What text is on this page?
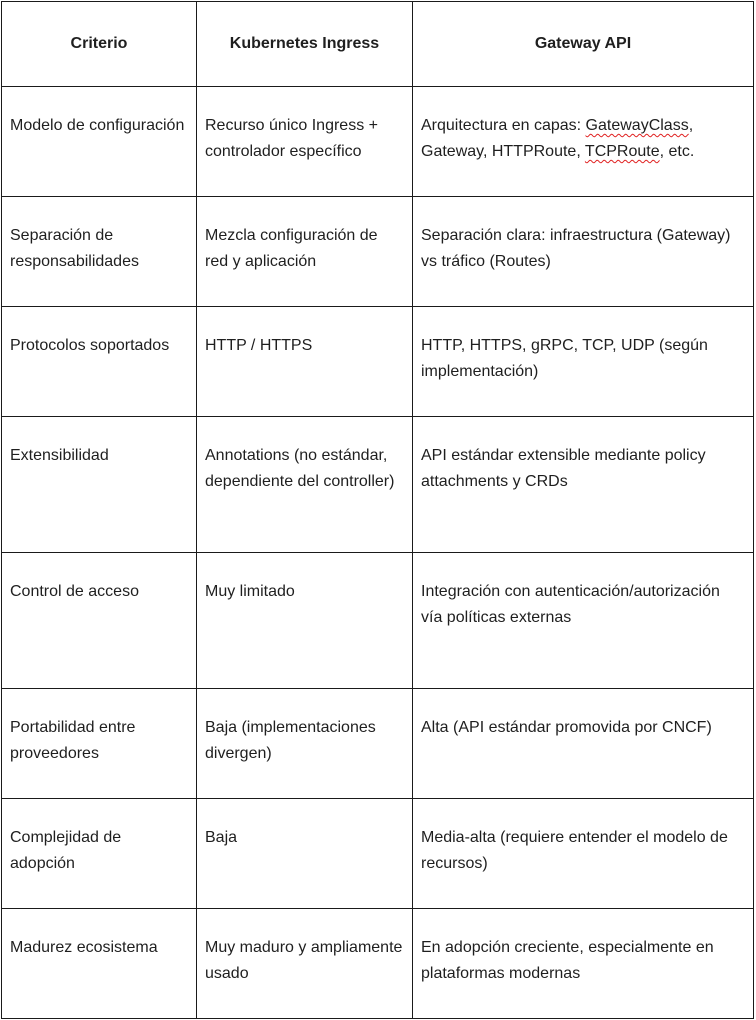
Criterio	Kubernetes Ingress	Gateway API
Modelo de configuración	Recurso único Ingress + controlador específico	Arquitectura en capas: GatewayClass, Gateway, HTTPRoute, TCPRoute, etc.
Separación de responsabilidades	Mezcla configuración de red y aplicación	Separación clara: infraestructura (Gateway) vs tráfico (Routes)
Protocolos soportados	HTTP / HTTPS	HTTP, HTTPS, gRPC, TCP, UDP (según implementación)
Extensibilidad	Annotations (no estándar, dependiente del controller)	API estándar extensible mediante policy attachments y CRDs
Control de acceso	Muy limitado	Integración con autenticación/autorización vía políticas externas
Portabilidad entre proveedores	Baja (implementaciones divergen)	Alta (API estándar promovida por CNCF)
Complejidad de adopción	Baja	Media-alta (requiere entender el modelo de recursos)
Madurez ecosistema	Muy maduro y ampliamente usado	En adopción creciente, especialmente en plataformas modernas
